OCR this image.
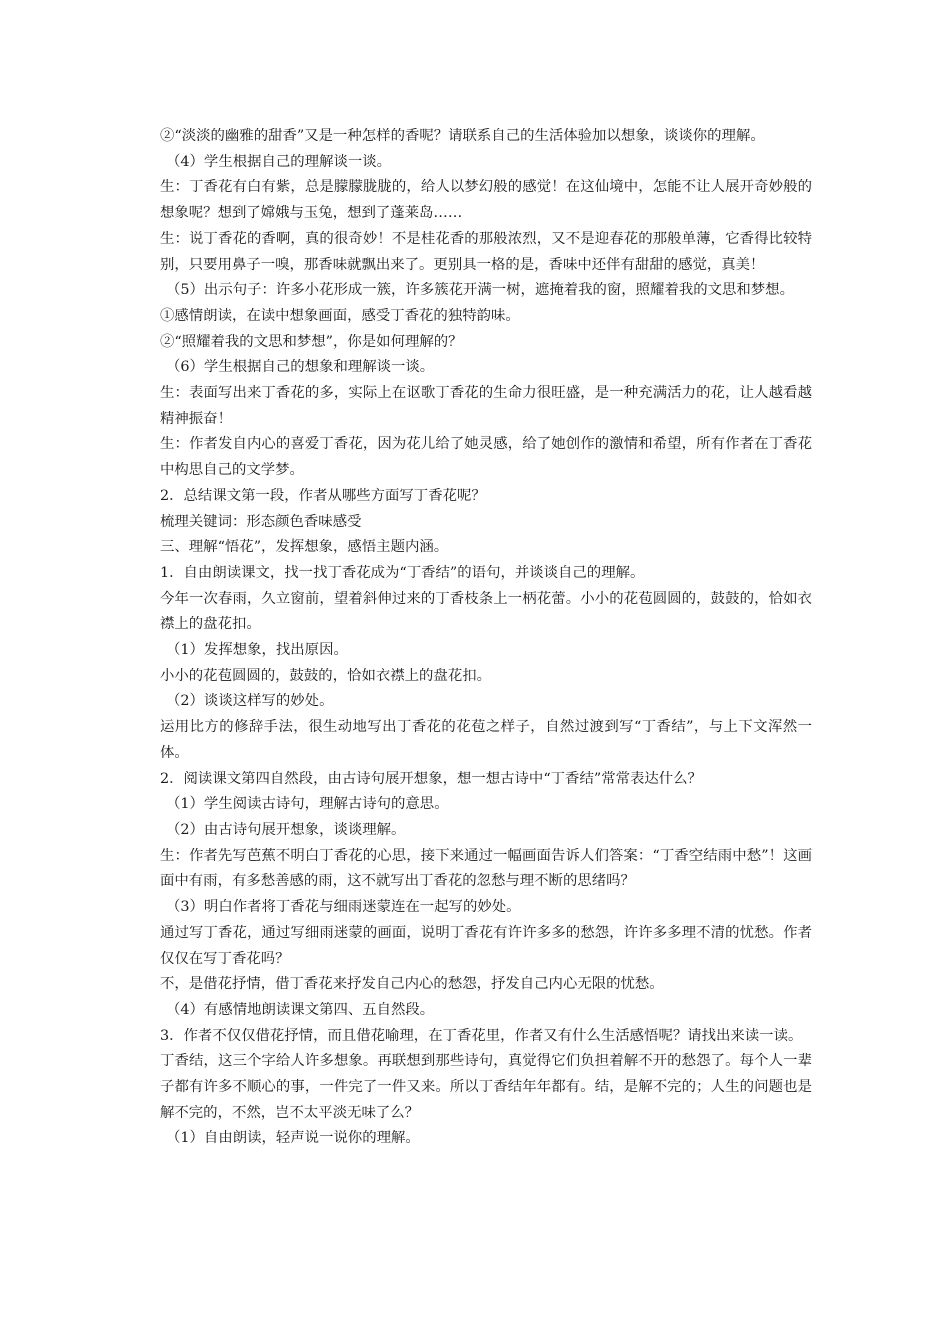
②“淡淡的幽雅的甜香”又是一种怎样的香呢？请联系自己的生活体验加以想象，谈谈你的理解。

（4）学生根据自己的理解谈一谈。

生：丁香花有白有紫，总是朦朦胧胧的，给人以梦幻般的感觉！在这仙境中，怎能不让人展开奇妙般的想象呢？想到了嫦娥与玉兔，想到了蓬莱岛……

生：说丁香花的香啊，真的很奇妙！不是桂花香的那般浓烈，又不是迎春花的那般单薄，它香得比较特别，只要用鼻子一嗅，那香味就飘出来了。更别具一格的是，香味中还伴有甜甜的感觉，真美！

（5）出示句子：许多小花形成一簇，许多簇花开满一树，遮掩着我的窗，照耀着我的文思和梦想。

①感情朗读，在读中想象画面，感受丁香花的独特韵味。

②“照耀着我的文思和梦想”，你是如何理解的？

（6）学生根据自己的想象和理解谈一谈。

生：表面写出来丁香花的多，实际上在讴歌丁香花的生命力很旺盛，是一种充满活力的花，让人越看越精神振奋！

生：作者发自内心的喜爱丁香花，因为花儿给了她灵感，给了她创作的激情和希望，所有作者在丁香花中构思自己的文学梦。

2．总结课文第一段，作者从哪些方面写丁香花呢？

梳理关键词：形态颜色香味感受

三、理解“悟花”，发挥想象，感悟主题内涵。

1．自由朗读课文，找一找丁香花成为“丁香结”的语句，并谈谈自己的理解。

今年一次春雨，久立窗前，望着斜伸过来的丁香枝条上一柄花蕾。小小的花苞圆圆的，鼓鼓的，恰如衣襟上的盘花扣。

（1）发挥想象，找出原因。

小小的花苞圆圆的，鼓鼓的，恰如衣襟上的盘花扣。

（2）谈谈这样写的妙处。

运用比方的修辞手法，很生动地写出丁香花的花苞之样子，自然过渡到写“丁香结”，与上下文浑然一体。

2．阅读课文第四自然段，由古诗句展开想象，想一想古诗中“丁香结”常常表达什么？

（1）学生阅读古诗句，理解古诗句的意思。

（2）由古诗句展开想象，谈谈理解。

生：作者先写芭蕉不明白丁香花的心思，接下来通过一幅画面告诉人们答案：“丁香空结雨中愁”！这画面中有雨，有多愁善感的雨，这不就写出丁香花的忽愁与理不断的思绪吗？

（3）明白作者将丁香花与细雨迷蒙连在一起写的妙处。

通过写丁香花，通过写细雨迷蒙的画面，说明丁香花有许许多多的愁怨，许许多多理不清的忧愁。作者仅仅在写丁香花吗？

不，是借花抒情，借丁香花来抒发自己内心的愁怨，抒发自己内心无限的忧愁。

（4）有感情地朗读课文第四、五自然段。

3．作者不仅仅借花抒情，而且借花喻理，在丁香花里，作者又有什么生活感悟呢？请找出来读一读。

丁香结，这三个字给人许多想象。再联想到那些诗句，真觉得它们负担着解不开的愁怨了。每个人一辈子都有许多不顺心的事，一件完了一件又来。所以丁香结年年都有。结，是解不完的；人生的问题也是解不完的，不然，岂不太平淡无味了么？

（1）自由朗读，轻声说一说你的理解。
